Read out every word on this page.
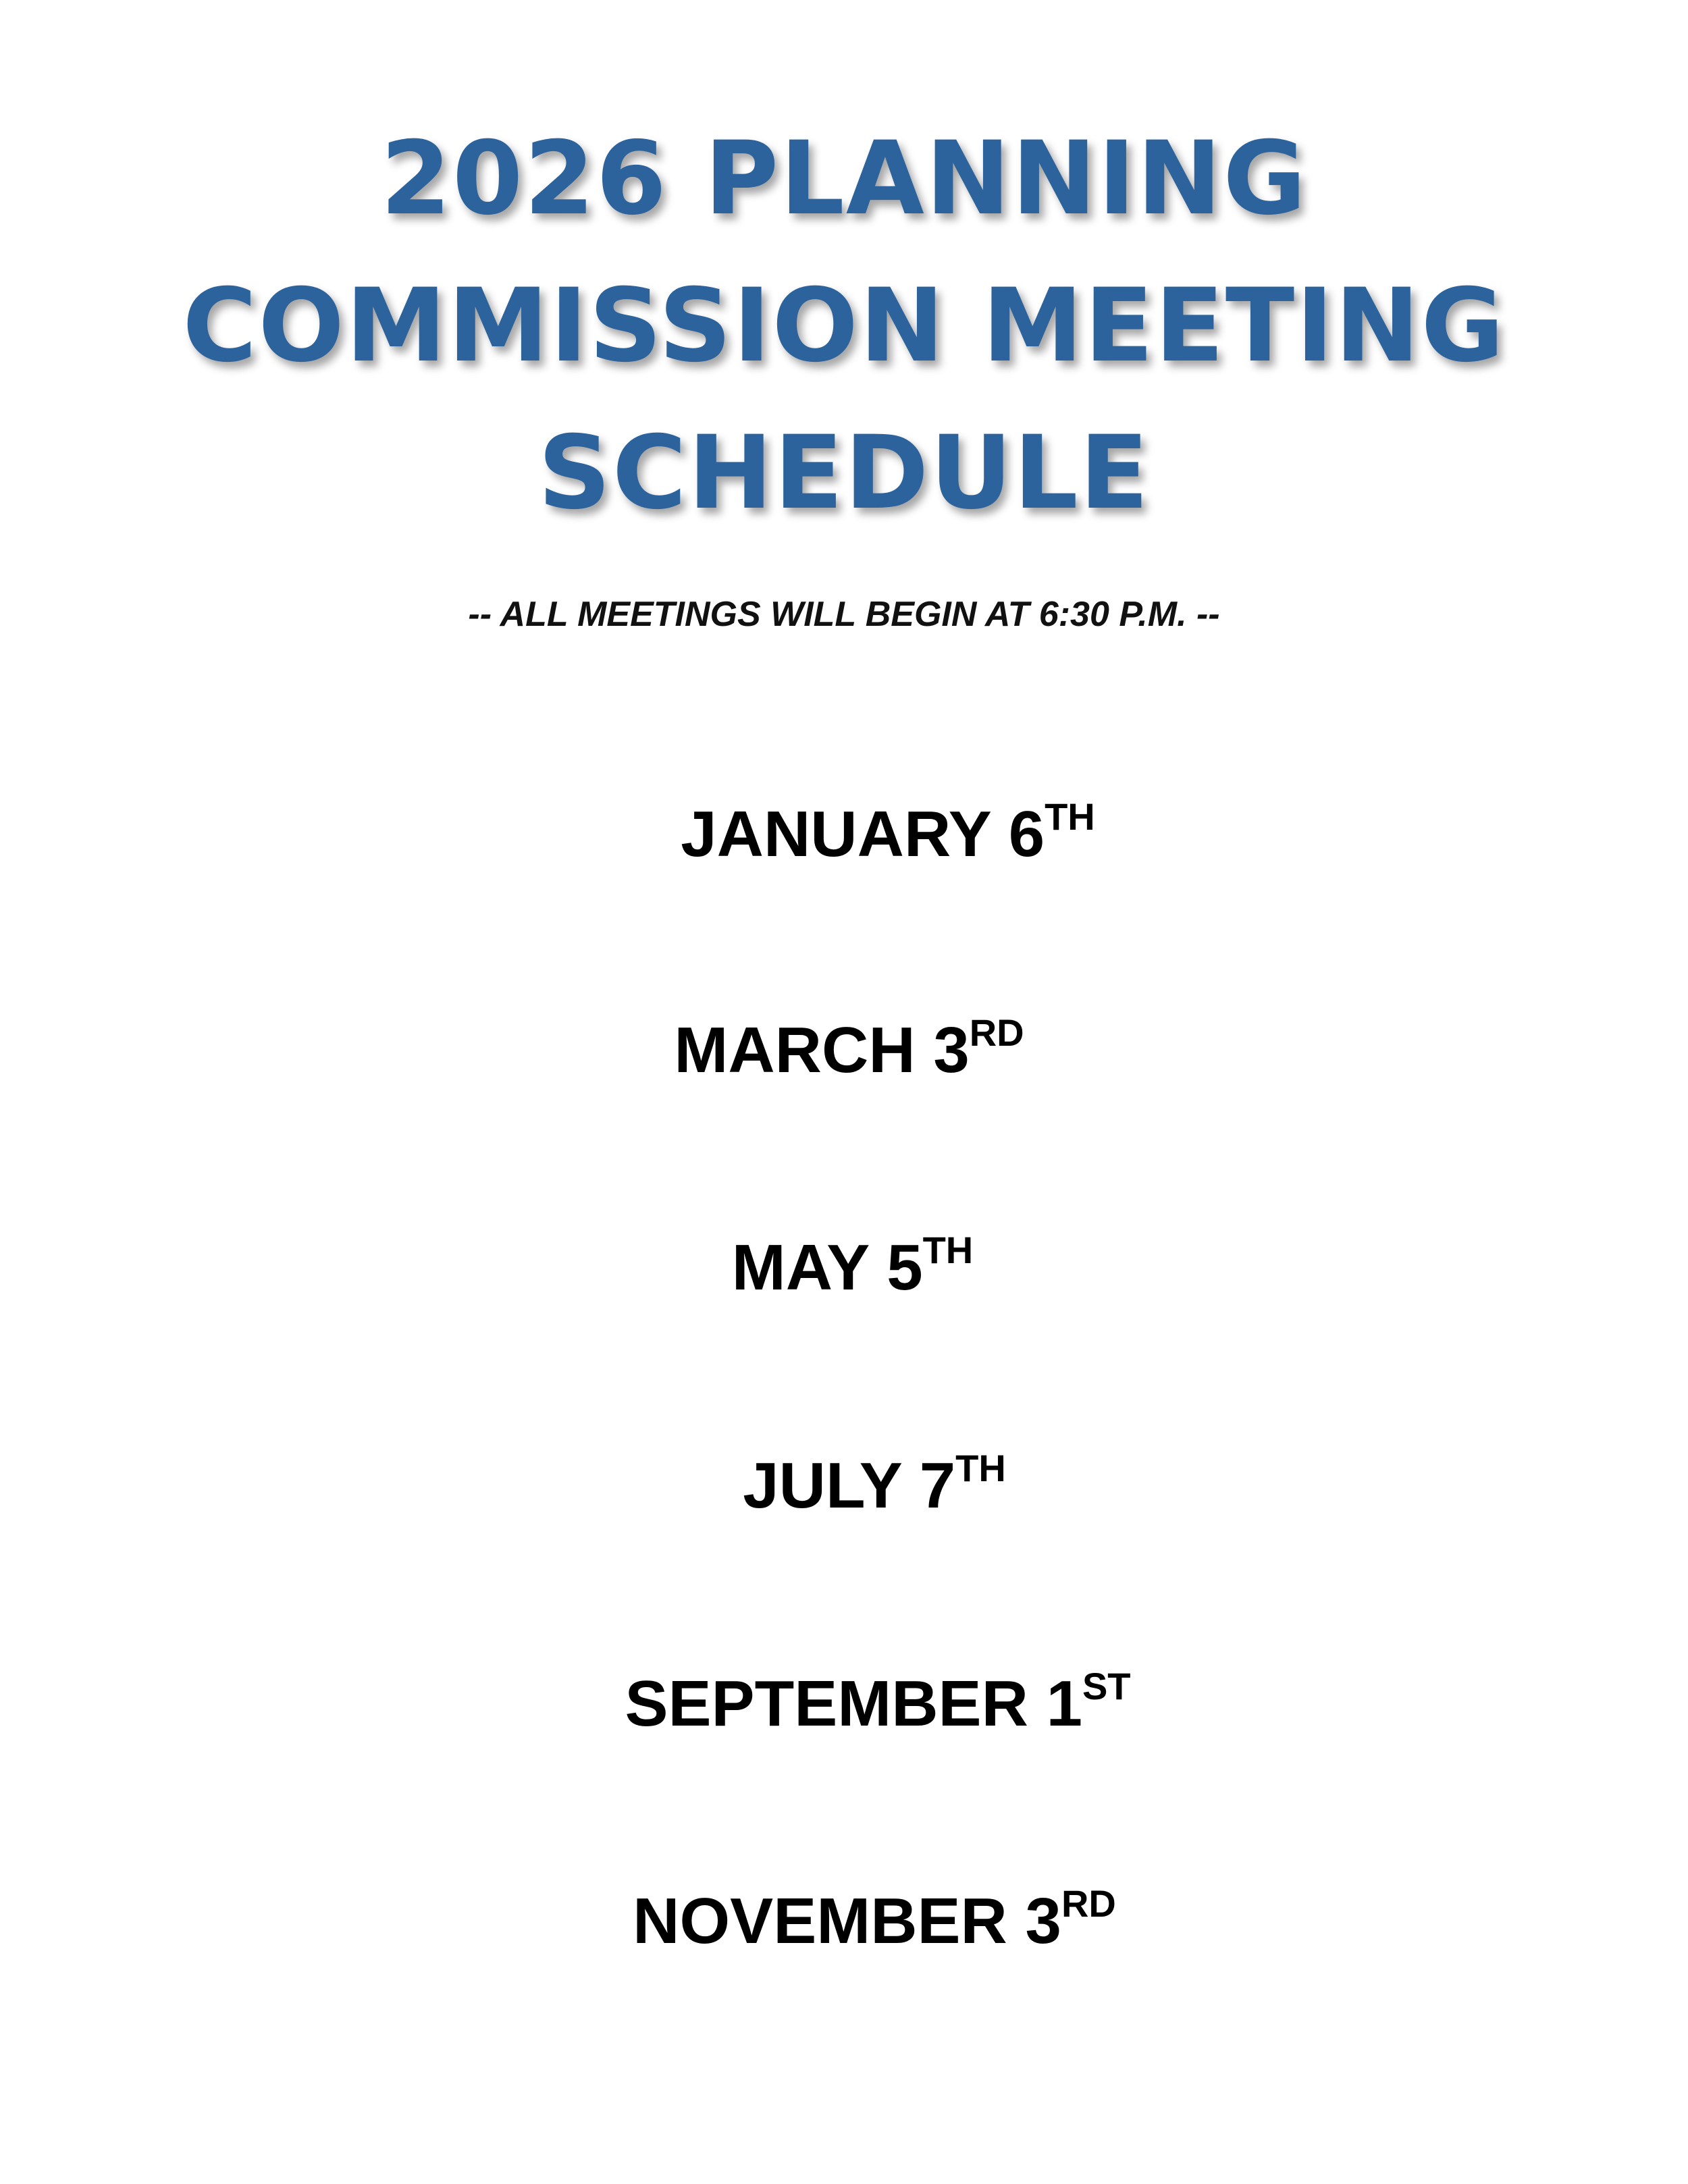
2026 PLANNING
COMMISSION MEETING
SCHEDULE

-- ALL MEETINGS WILL BEGIN AT 6:30 P.M. --

JANUARY 6TH

MARCH 3RD

MAY 5TH

JULY 7TH

SEPTEMBER 1ST

NOVEMBER 3RD
